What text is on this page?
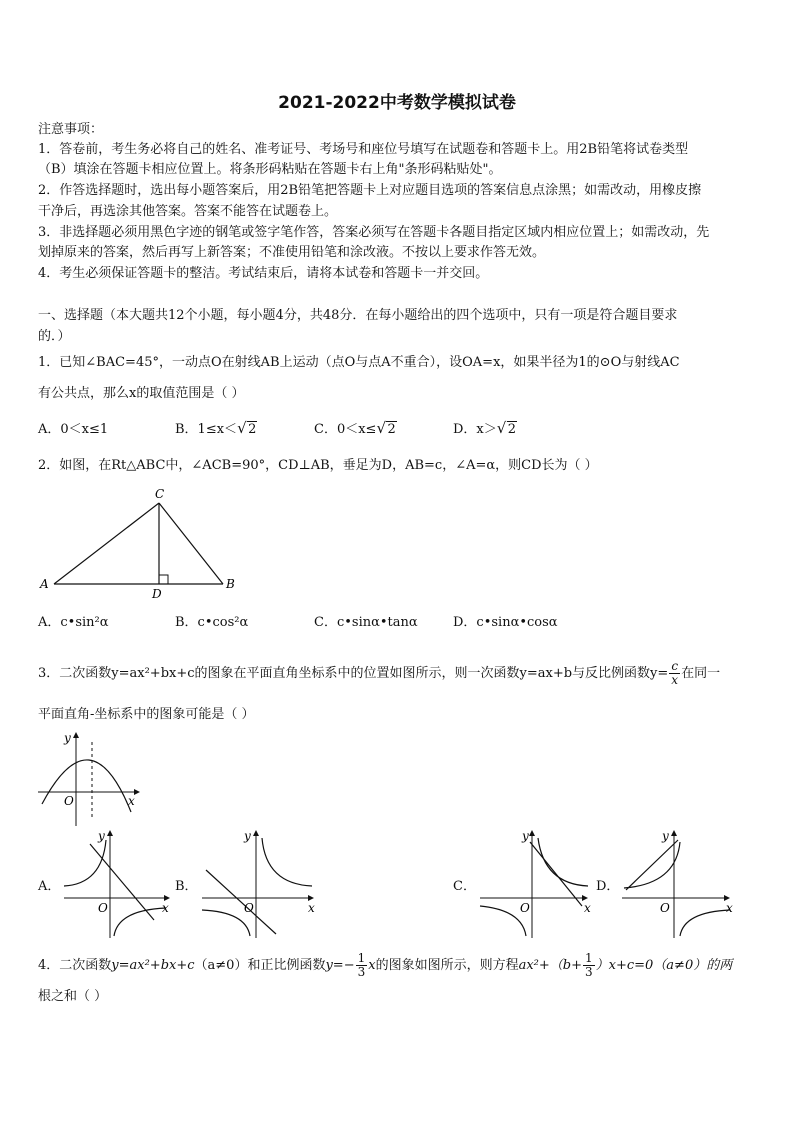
2021-2022中考数学模拟试卷
注意事项：
1．答卷前，考生务必将自己的姓名、准考证号、考场号和座位号填写在试题卷和答题卡上。用2B铅笔将试卷类型
（B）填涂在答题卡相应位置上。将条形码粘贴在答题卡右上角"条形码粘贴处"。
2．作答选择题时，选出每小题答案后，用2B铅笔把答题卡上对应题目选项的答案信息点涂黑；如需改动，用橡皮擦
干净后，再选涂其他答案。答案不能答在试题卷上。
3．非选择题必须用黑色字迹的钢笔或签字笔作答，答案必须写在答题卡各题目指定区域内相应位置上；如需改动，先
划掉原来的答案，然后再写上新答案；不准使用铅笔和涂改液。不按以上要求作答无效。
4．考生必须保证答题卡的整洁。考试结束后，请将本试卷和答题卡一并交回。
一、选择题（本大题共12个小题，每小题4分，共48分．在每小题给出的四个选项中，只有一项是符合题目要求
的．）
1．已知∠BAC=45°，一动点O在射线AB上运动（点O与点A不重合），设OA=x，如果半径为1的⊙O与射线AC
有公共点，那么x的取值范围是（ ）
A．0＜x≤1	B．1≤x＜ √ 2	C．0＜x≤ √ 2	D．x＞ √ 2
2．如图，在Rt△ABC中，∠ACB=90°，CD⊥AB，垂足为D，AB=c，∠A=α，则CD长为（ ）
A	B
C
D
A．c•sin²α	B．c•cos²α	C．c•sinα•tanα	D．c•sinα•cosα
3．二次函数y=ax²+bx+c的图象在平面直角坐标系中的位置如图所示，则一次函数y=ax+b与反比例函数$y= \frac{c}{x}$ 在同一
平面直角‐坐标系中的图象可能是（ ）
y
x
O
A．
y
x
O
B．
y
x
O
C．
y
x
O
D．
y
x
O
4．二次函数y=ax²+bx+c（a≠0）和正比例函数$y=- \frac{1}{3}$ x的图象如图所示，则方程$ax^2+(b+ \frac{1}{3} )x+c=0(a\ne 0)$的两
根之和（ ）
